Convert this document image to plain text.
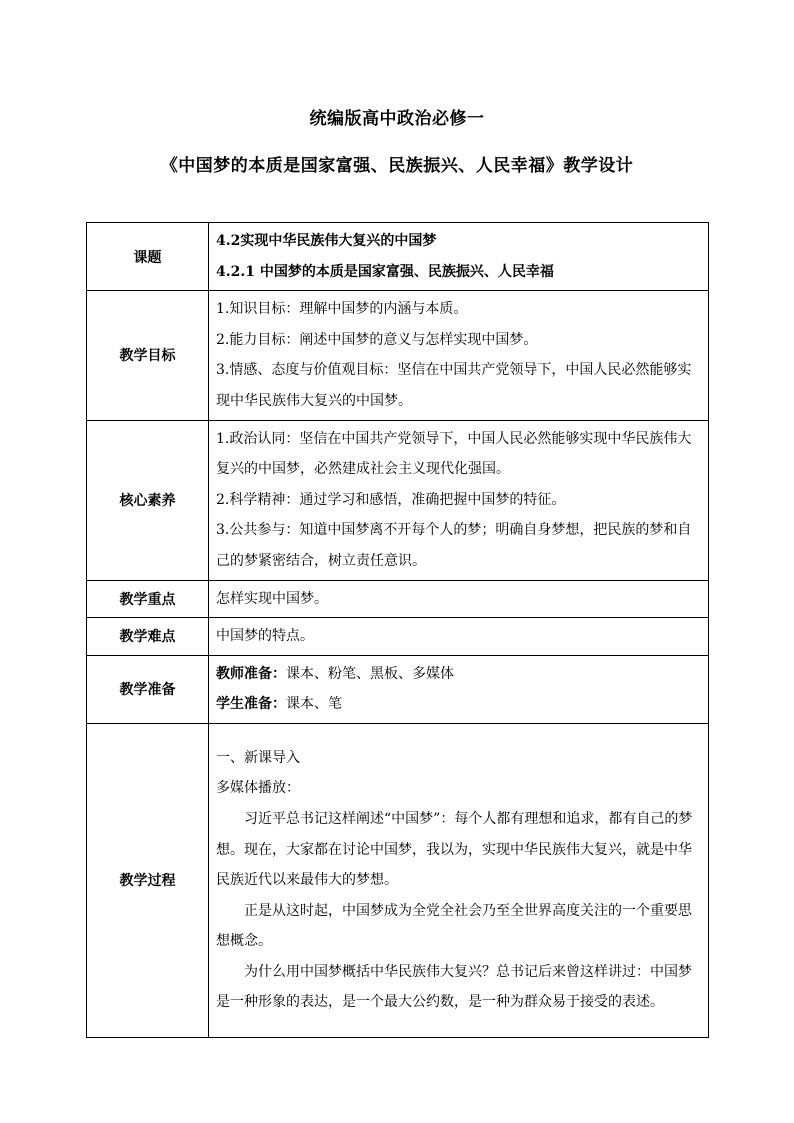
统编版高中政治必修一
《中国梦的本质是国家富强、民族振兴、人民幸福》教学设计
课题	4.2实现中华民族伟大复兴的中国梦
4.2.1 中国梦的本质是国家富强、民族振兴、人民幸福

教学目标	1.知识目标：理解中国梦的内涵与本质。
2.能力目标：阐述中国梦的意义与怎样实现中国梦。
3.情感、态度与价值观目标：坚信在中国共产党领导下，中国人民必然能够实现中华民族伟大复兴的中国梦。

核心素养	1.政治认同：坚信在中国共产党领导下，中国人民必然能够实现中华民族伟大复兴的中国梦，必然建成社会主义现代化强国。
2.科学精神：通过学习和感悟，准确把握中国梦的特征。
3.公共参与：知道中国梦离不开每个人的梦；明确自身梦想，把民族的梦和自己的梦紧密结合，树立责任意识。

教学重点	怎样实现中国梦。

教学难点	中国梦的特点。

教学准备	教师准备：课本、粉笔、黑板、多媒体
学生准备：课本、笔

教学过程	一、新课导入
多媒体播放：
习近平总书记这样阐述“中国梦”：每个人都有理想和追求，都有自己的梦想。现在，大家都在讨论中国梦，我以为，实现中华民族伟大复兴，就是中华民族近代以来最伟大的梦想。
正是从这时起，中国梦成为全党全社会乃至全世界高度关注的一个重要思想概念。
为什么用中国梦概括中华民族伟大复兴？总书记后来曾这样讲过：中国梦是一种形象的表达，是一个最大公约数，是一种为群众易于接受的表述。
